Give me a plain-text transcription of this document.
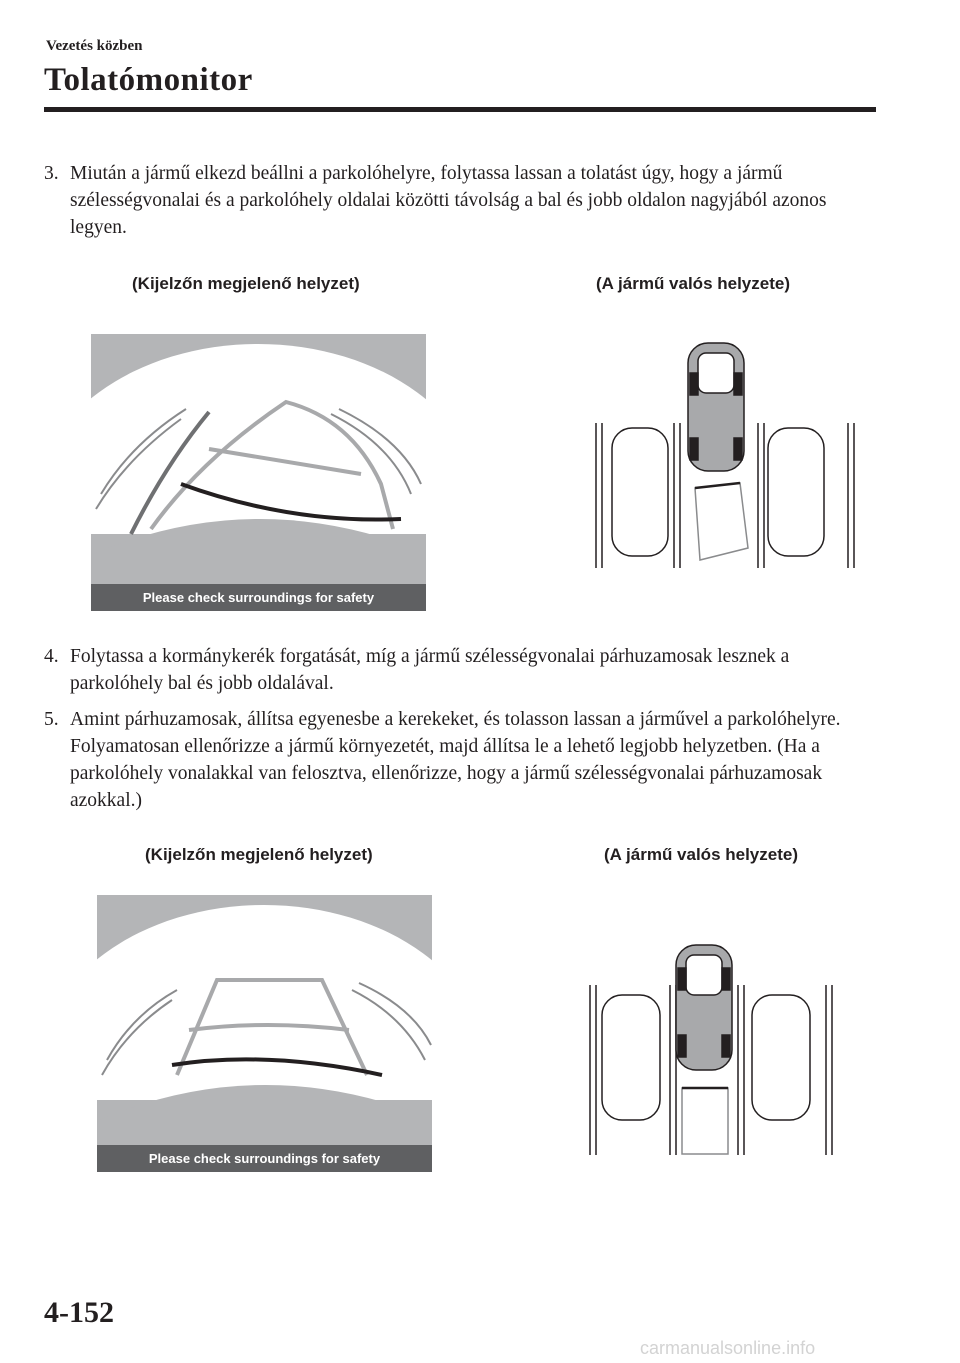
Vezetés közben
Tolatómonitor
3. Miután a jármű elkezd beállni a parkolóhelyre, folytassa lassan a tolatást úgy, hogy a jármű szélességvonalai és a parkolóhely oldalai közötti távolság a bal és jobb oldalon nagyjából azonos legyen.
(Kijelzőn megjelenő helyzet)	(A jármű valós helyzete)
Please check surroundings for safety
4. Folytassa a kormánykerék forgatását, míg a jármű szélességvonalai párhuzamosak lesznek a parkolóhely bal és jobb oldalával.
5. Amint párhuzamosak, állítsa egyenesbe a kerekeket, és tolasson lassan a járművel a parkolóhelyre. Folyamatosan ellenőrizze a jármű környezetét, majd állítsa le a lehető legjobb helyzetben. (Ha a parkolóhely vonalakkal van felosztva, ellenőrizze, hogy a jármű szélességvonalai párhuzamosak azokkal.)
(Kijelzőn megjelenő helyzet)	(A jármű valós helyzete)
Please check surroundings for safety
4-152
carmanualsonline.info
